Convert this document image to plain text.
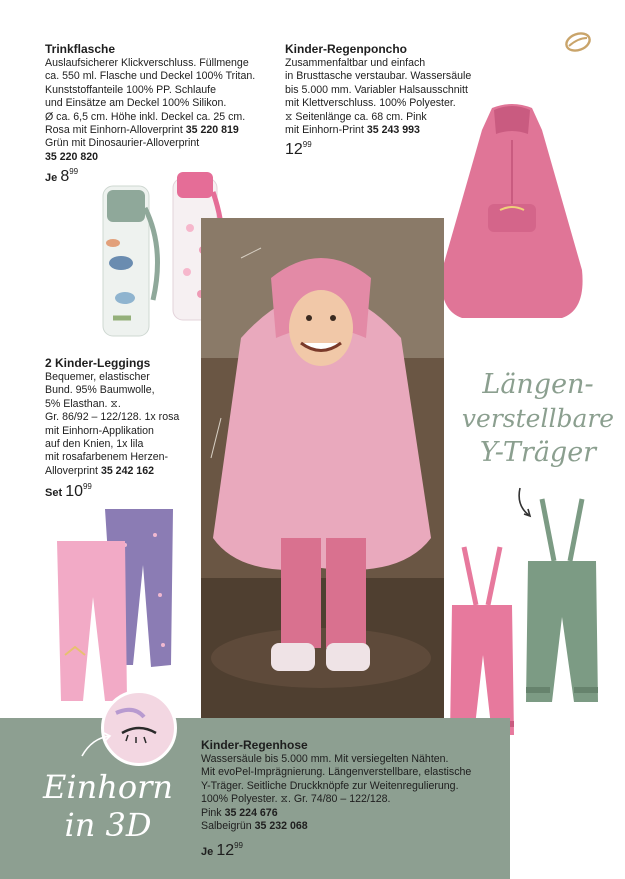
Trinkflasche
Auslaufsicherer Klickverschluss. Füllmenge
ca. 550 ml. Flasche und Deckel 100% Tritan.
Kunststoffanteile 100% PP. Schlaufe
und Einsätze am Deckel 100% Silikon.
Ø ca. 6,5 cm. Höhe inkl. Deckel ca. 25 cm.
Rosa mit Einhorn-Alloverprint 35 220 819
Grün mit Dinosaurier-Alloverprint
35 220 820
Je $8^{99}$
Kinder-Regenponcho
Zusammenfaltbar und einfach
in Brusttasche verstaubar. Wassersäule
bis 5.000 mm. Variabler Halsausschnitt
mit Klettverschluss. 100% Polyester.
⧖ Seitenlänge ca. 68 cm. Pink
mit Einhorn-Print 35 243 993
$12^{99}$
2 Kinder-Leggings
Bequemer, elastischer
Bund. 95% Baumwolle,
5% Elasthan. ⧖.
Gr. 86/92 – 122/128. 1x rosa
mit Einhorn-Applikation
auf den Knien, 1x lila
mit rosafarbenem Herzen-
Alloverprint 35 242 162
Set $10^{99}$
Längen-
verstellbare
Y-Träger
Einhorn
in 3D
Kinder-Regenhose
Wassersäule bis 5.000 mm. Mit versiegelten Nähten.
Mit evoPel-Imprägnierung. Längenverstellbare, elastische
Y-Träger. Seitliche Druckknöpfe zur Weitenregulierung.
100% Polyester. ⧖. Gr. 74/80 – 122/128.
Pink 35 224 676
Salbeigrün 35 232 068
Je $12^{99}$
